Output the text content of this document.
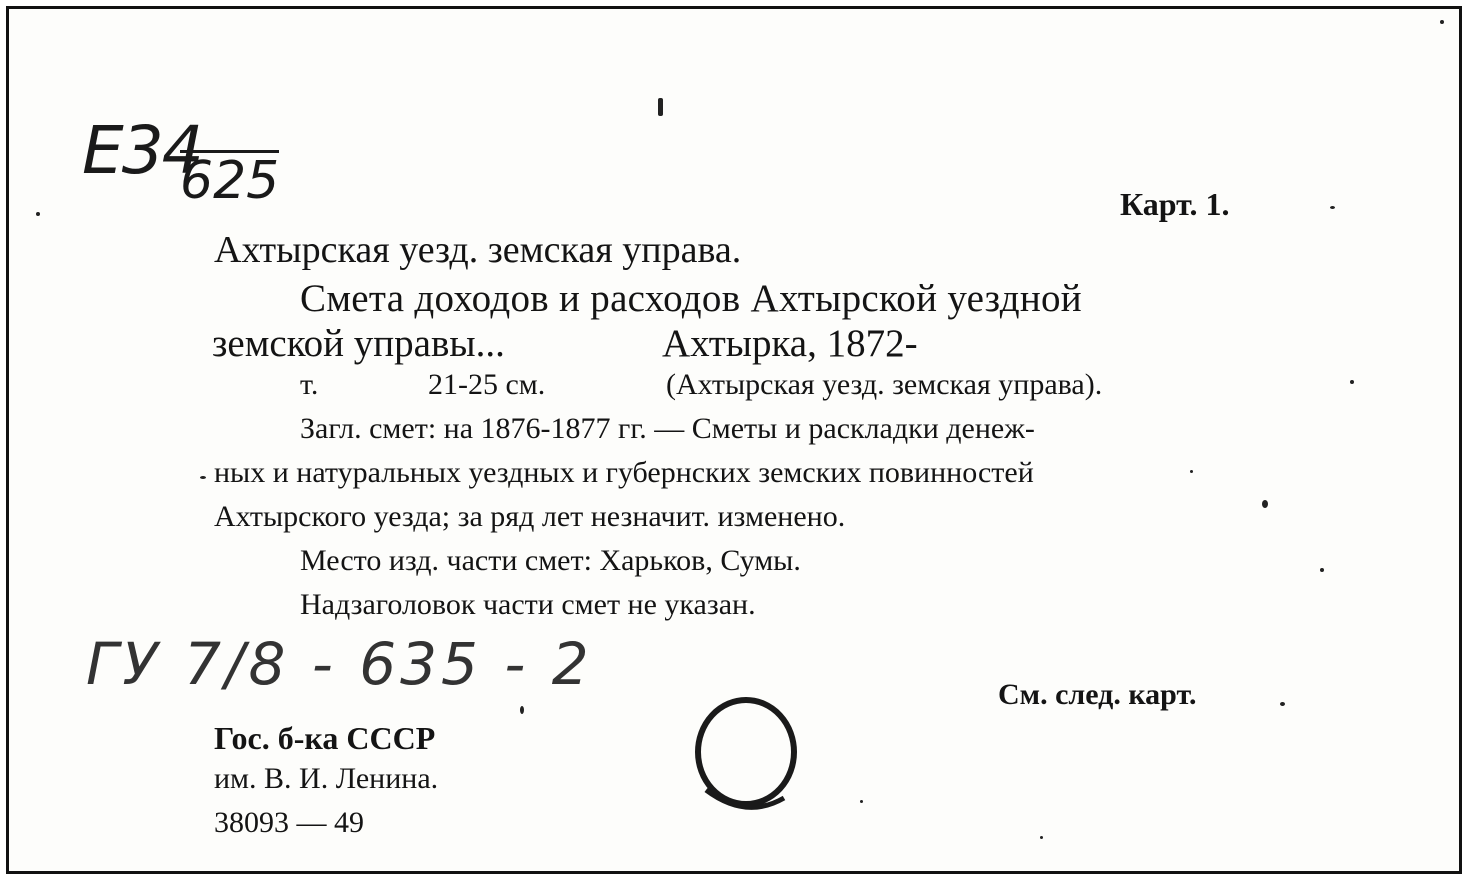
Е34
625	Карт. 1.
Ахтырская уезд. земская управа.
Смета доходов и расходов Ахтырской уездной
земской управы...	Ахтырка, 1872-
т.	21-25 см.	(Ахтырская уезд. земская управа).
Загл. смет: на 1876-1877 гг. — Сметы и раскладки денеж-
ных и натуральных уездных и губернских земских повинностей
Ахтырского уезда; за ряд лет незначит. изменено.
Место изд. части смет: Харьков, Сумы.
Надзаголовок части смет не указан.
ГУ 7/8 - 635 - 2	См. след. карт.
Гос. б-ка СССР
им. В. И. Ленина.
38093 — 49
